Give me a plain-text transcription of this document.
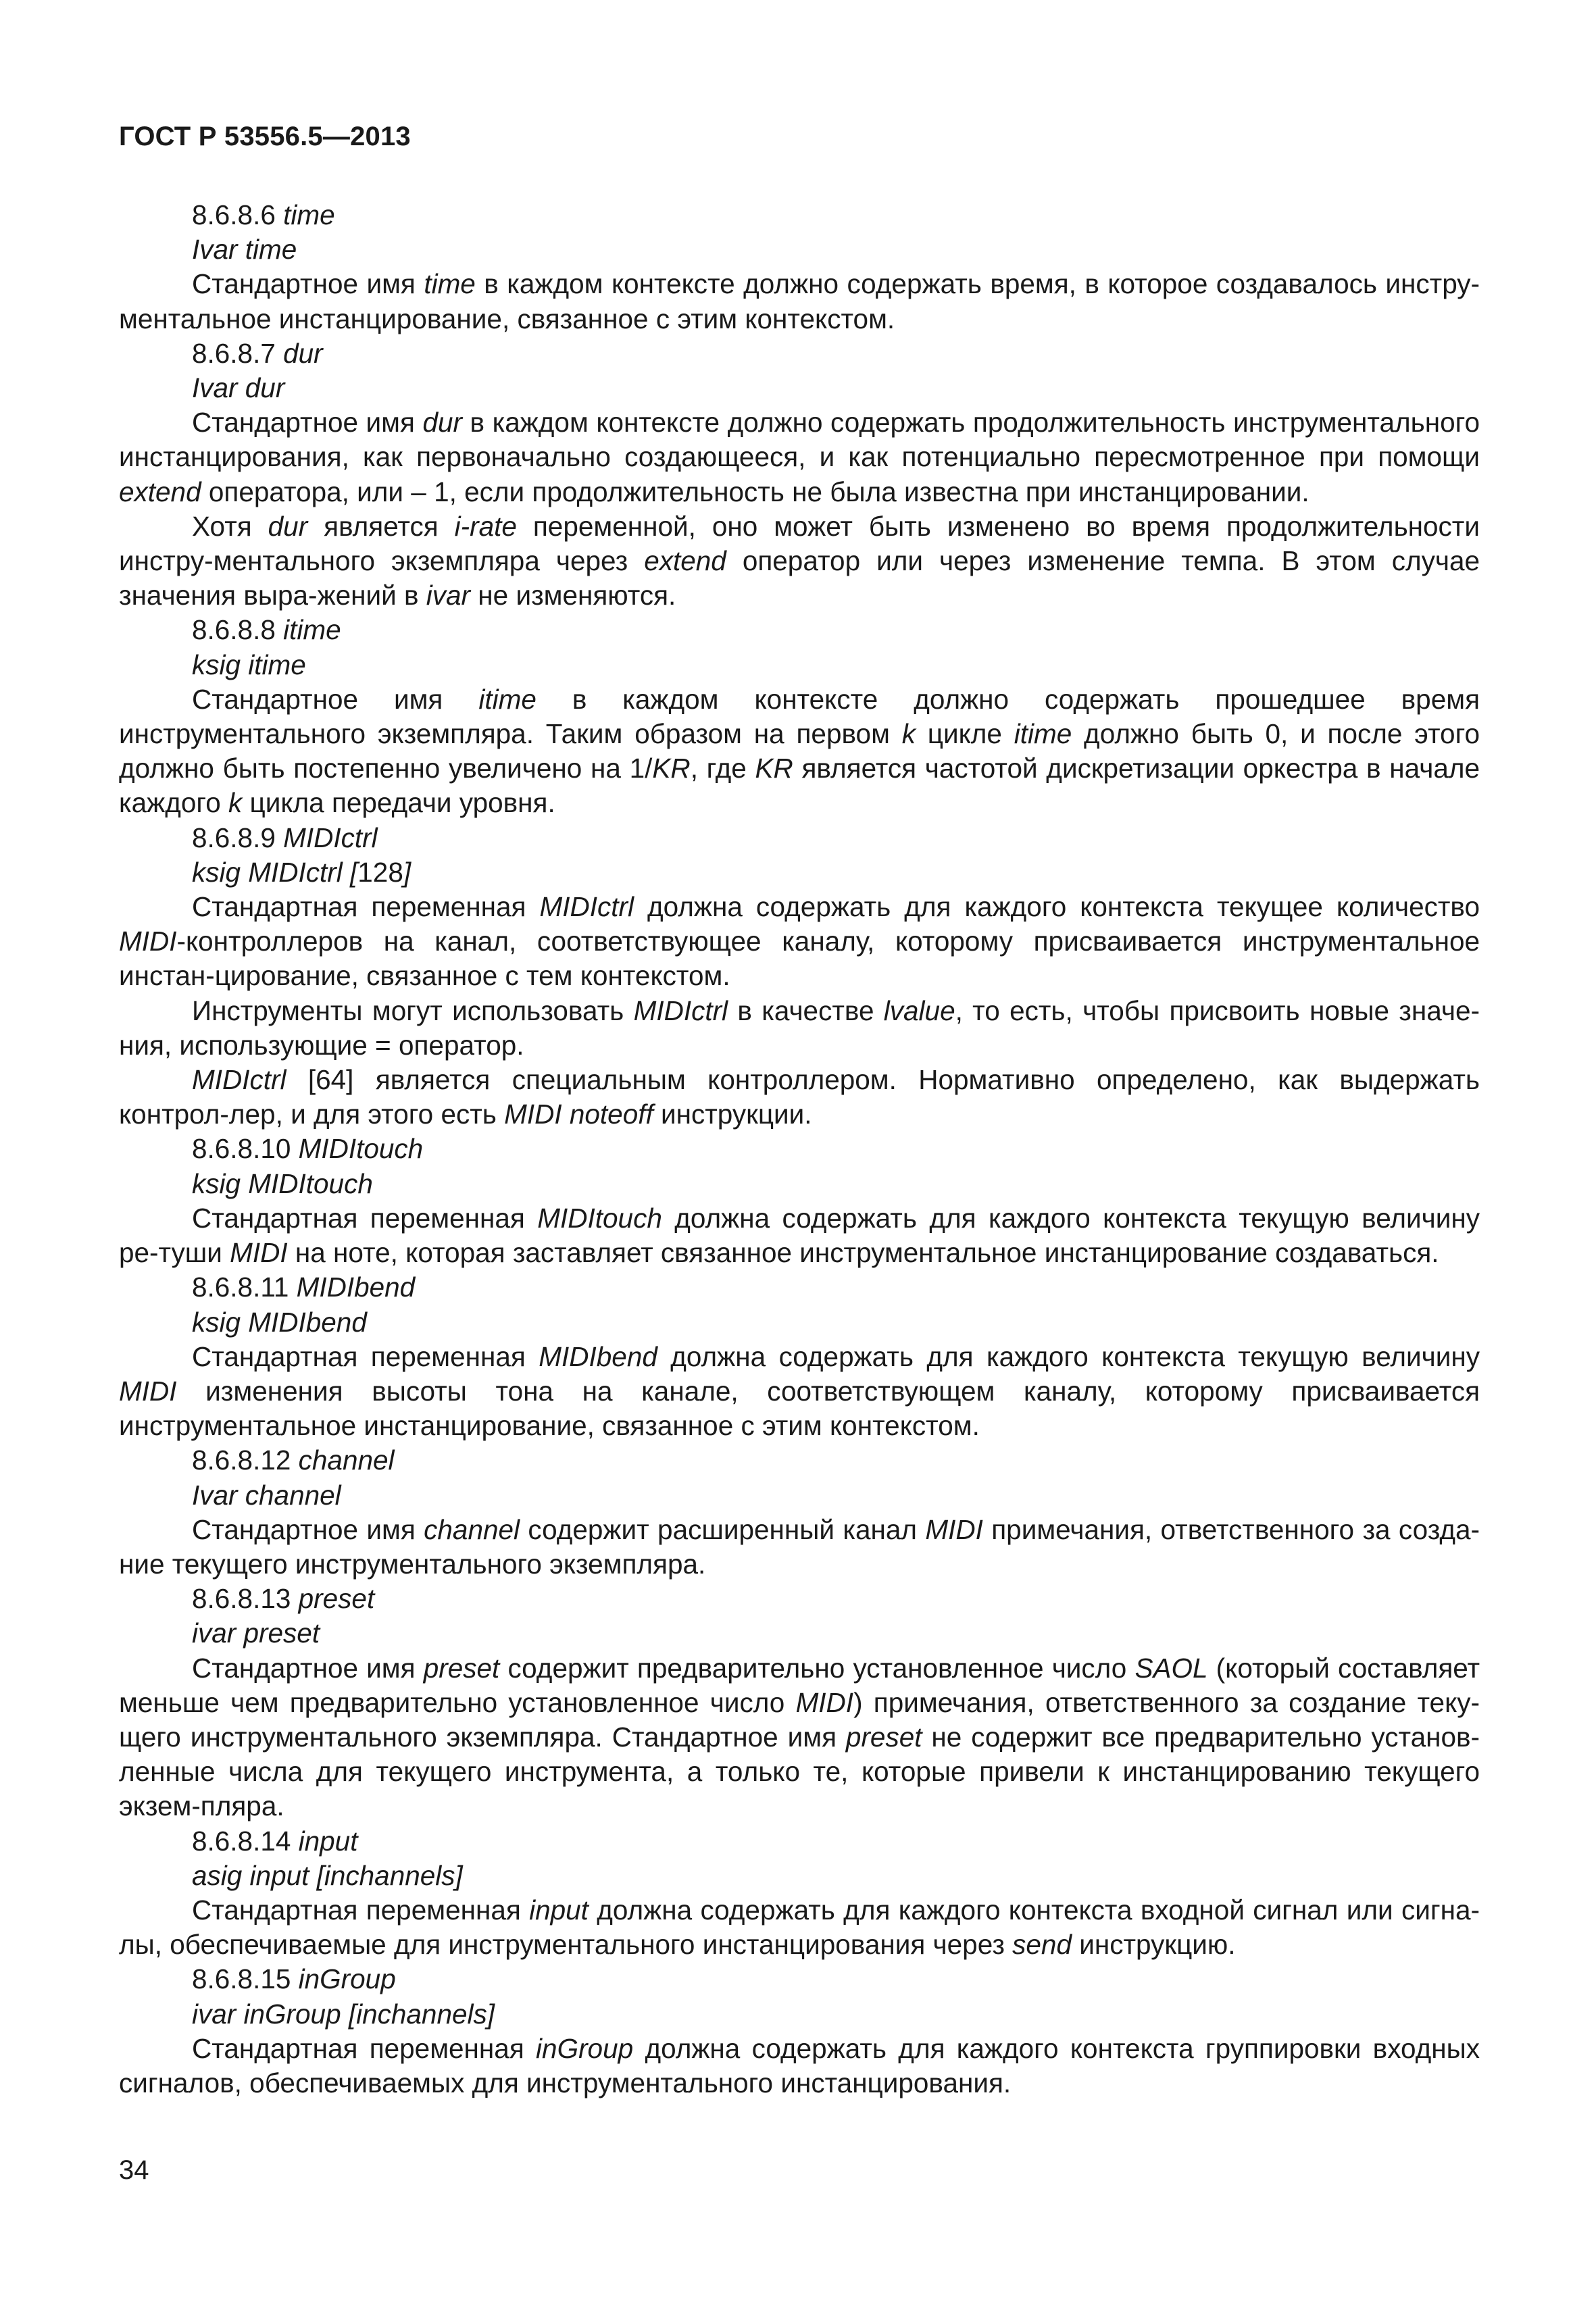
ГОСТ Р 53556.5—2013

8.6.8.6 time

Ivar time

Стандартное имя time в каждом контексте должно содержать время, в которое создавалось инстру-ментальное инстанцирование, связанное с этим контекстом.

8.6.8.7 dur

Ivar dur

Стандартное имя dur в каждом контексте должно содержать продолжительность инструментального инстанцирования, как первоначально создающееся, и как потенциально пересмотренное при помощи extend оператора, или – 1, если продолжительность не была известна при инстанцировании.

Хотя dur является i-rate переменной, оно может быть изменено во время продолжительности инстру-ментального экземпляра через extend оператор или через изменение темпа. В этом случае значения выра-жений в ivar не изменяются.

8.6.8.8 itime

ksig itime

Стандартное имя itime в каждом контексте должно содержать прошедшее время инструментального экземпляра. Таким образом на первом k цикле itime должно быть 0, и после этого должно быть постепенно увеличено на 1/KR, где KR является частотой дискретизации оркестра в начале каждого k цикла передачи уровня.

8.6.8.9 MIDIctrl

ksig MIDIctrl [128]

Стандартная переменная MIDIctrl должна содержать для каждого контекста текущее количество MIDI-контроллеров на канал, соответствующее каналу, которому присваивается инструментальное инстан-цирование, связанное с тем контекстом.

Инструменты могут использовать MIDIctrl в качестве lvalue, то есть, чтобы присвоить новые значе-ния, использующие = оператор.

MIDIctrl [64] является специальным контроллером. Нормативно определено, как выдержать контрол-лер, и для этого есть MIDI noteoff инструкции.

8.6.8.10 MIDItouch

ksig MIDItouch

Стандартная переменная MIDItouch должна содержать для каждого контекста текущую величину ре-туши MIDI на ноте, которая заставляет связанное инструментальное инстанцирование создаваться.

8.6.8.11 MIDIbend

ksig MIDIbend

Стандартная переменная MIDIbend должна содержать для каждого контекста текущую величину MIDI изменения высоты тона на канале, соответствующем каналу, которому присваивается инструментальное инстанцирование, связанное с этим контекстом.

8.6.8.12 channel

Ivar channel

Стандартное имя channel содержит расширенный канал MIDI примечания, ответственного за созда-ние текущего инструментального экземпляра.

8.6.8.13 preset

ivar preset

Стандартное имя preset содержит предварительно установленное число SAOL (который составляет меньше чем предварительно установленное число MIDI) примечания, ответственного за создание теку-щего инструментального экземпляра. Стандартное имя preset не содержит все предварительно установ-ленные числа для текущего инструмента, а только те, которые привели к инстанцированию текущего экзем-пляра.

8.6.8.14 input

asig input [inchannels]

Стандартная переменная input должна содержать для каждого контекста входной сигнал или сигна-лы, обеспечиваемые для инструментального инстанцирования через send инструкцию.

8.6.8.15 inGroup

ivar inGroup [inchannels]

Стандартная переменная inGroup должна содержать для каждого контекста группировки входных сигналов, обеспечиваемых для инструментального инстанцирования.

34
